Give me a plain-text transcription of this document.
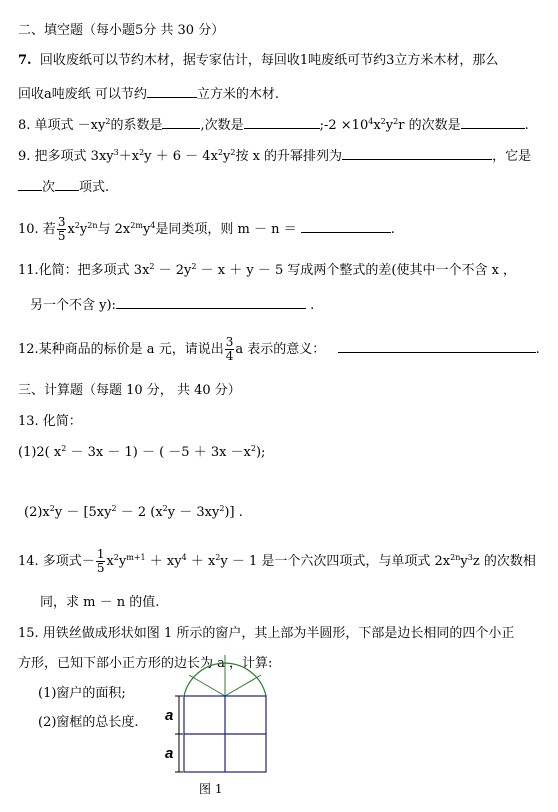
二、填空题（每小题5分 共 30 分）
7. 回收废纸可以节约木材，据专家估计，每回收1吨废纸可节约3立方米木材，那么
回收a吨废纸 可以节约	立方米的木材.
8. 单项式 $-xy^2$的系数是	,次数是	;-2 $\times 10^4x^2y^2r$ 的次数是	.
9. 把多项式 $3xy^3+x^2y + 6 - 4x^2y^2$按 x 的升幂排列为	，它是
次 项式.
10. 若 $\frac{3}{5} x^2y^{2n}$与 $2x^{2m}y^4$是同类项，则 m － n ＝	.
11.化简：把多项式 $3x^2 - 2y^2 - x + y - 5$ 写成两个整式的差(使其中一个不含 x ，
另一个不含 y):	.
12.某种商品的标价是 a 元，请说出 $\frac{3}{4}$ a 表示的意义：	.
三、计算题（每题 10 分， 共 40 分）
13. 化简：
(1)2( $x^2 - 3x - 1$) － ( $-5 + 3x -x^2$);
$(2)x^2y - [5xy^2 - 2$ $(x^2y - 3xy^2)$] .
14. 多项式－ $\frac{1}{5} x^2y^{m+1} + xy^4 + x^2y - 1$ 是一个六次四项式，与单项式 $2x^{2n}y^3z$ 的次数相
同，求 m － n 的值.
15. 用铁丝做成形状如图 1 所示的窗户，其上部为半圆形，下部是边长相同的四个小正
方形，已知下部小正方形的边长为 a ，计算:
(1)窗户的面积;
(2)窗框的总长度. a
a
图 1
